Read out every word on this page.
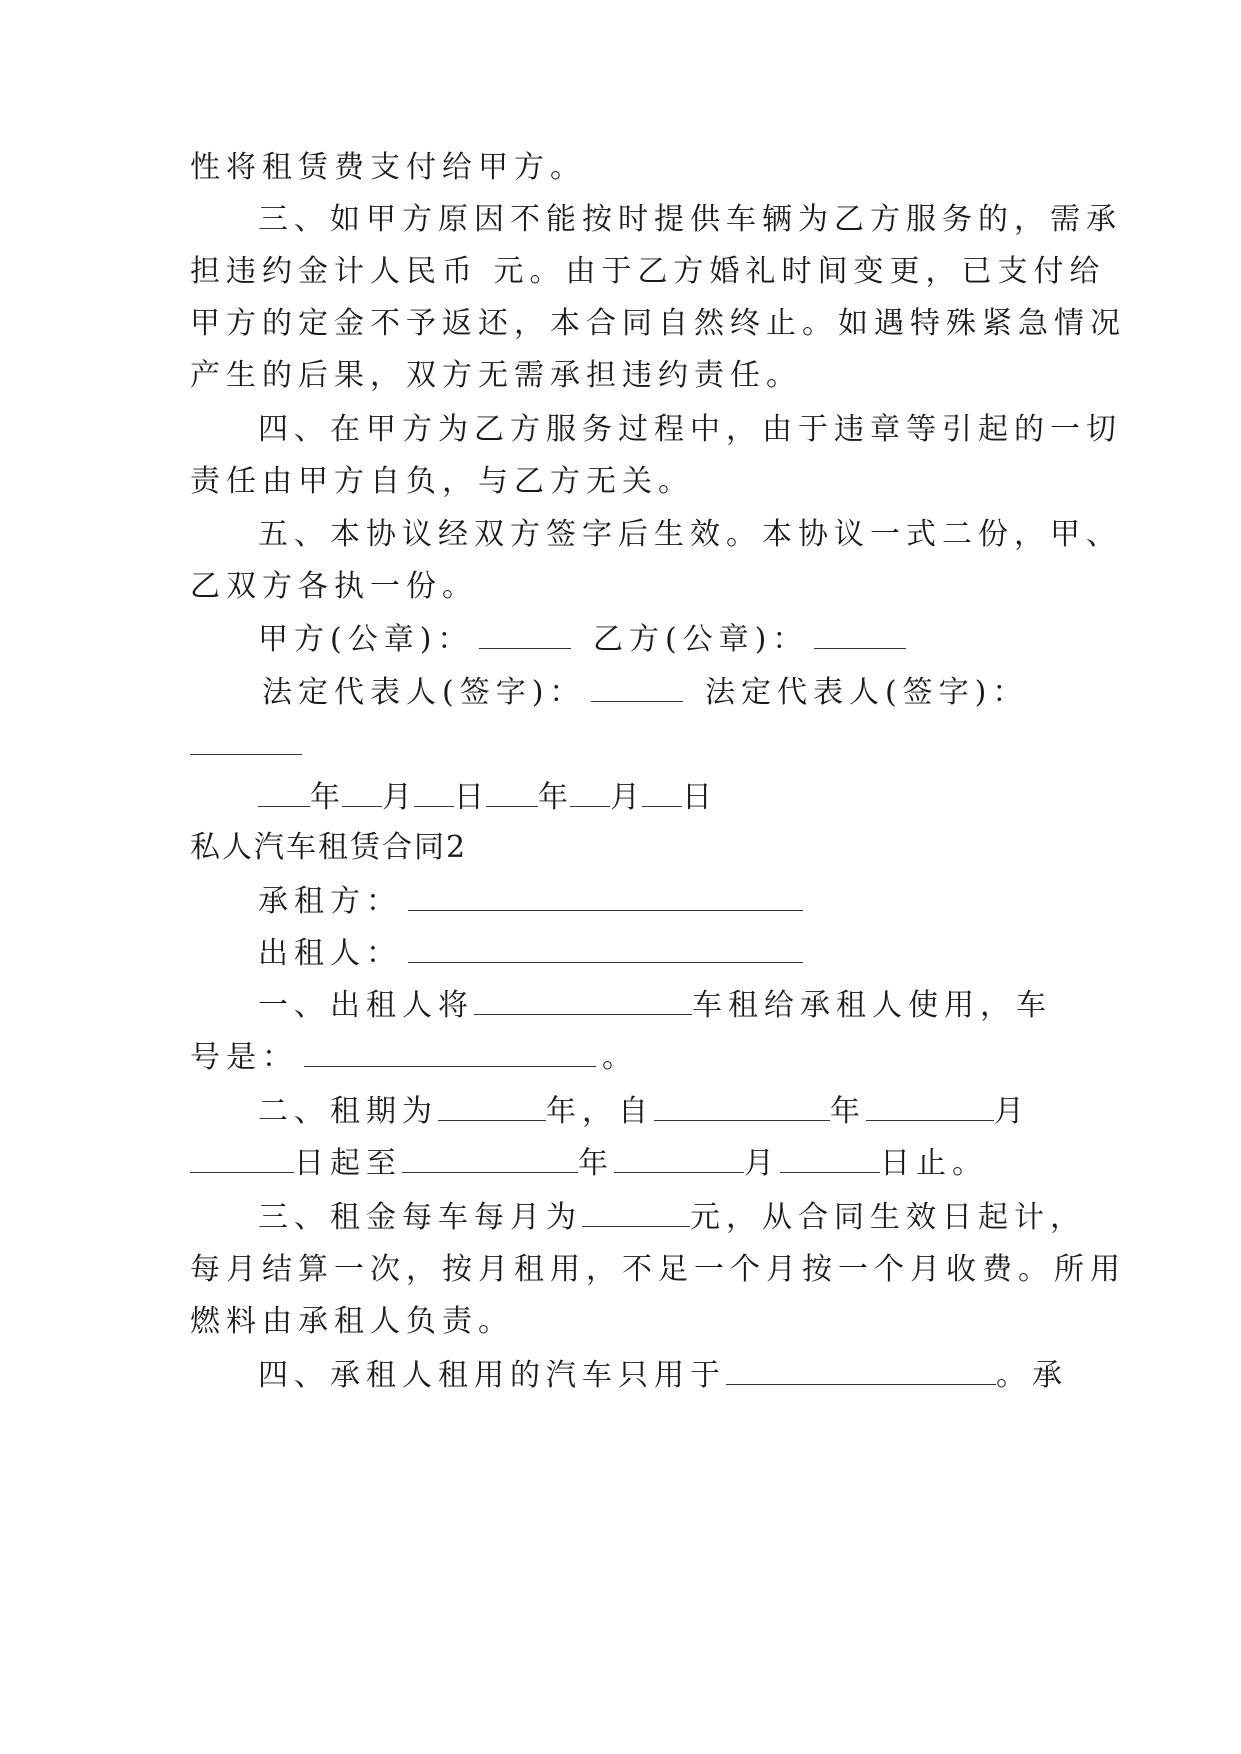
性将租赁费支付给甲方。
三、如甲方原因不能按时提供车辆为乙方服务的，需承
担违约金计人民币 元。由于乙方婚礼时间变更，已支付给
甲方的定金不予返还，本合同自然终止。如遇特殊紧急情况
产生的后果，双方无需承担违约责任。
四、在甲方为乙方服务过程中，由于违章等引起的一切
责任由甲方自负，与乙方无关。
五、本协议经双方签字后生效。本协议一式二份，甲、
乙双方各执一份。
甲方(公章)：	乙方(公章)：
法定代表人(签字)：	法定代表人(签字)：
年 月 日 年 月 日
私人汽车租赁合同2
承租方：
出租人：
一、出租人将	车租给承租人使用，车
号是：	。
二、租期为	年，自	年	月
日起至	年	月	日止。
三、租金每车每月为	元，从合同生效日起计，
每月结算一次，按月租用，不足一个月按一个月收费。所用
燃料由承租人负责。
四、承租人租用的汽车只用于	。承
